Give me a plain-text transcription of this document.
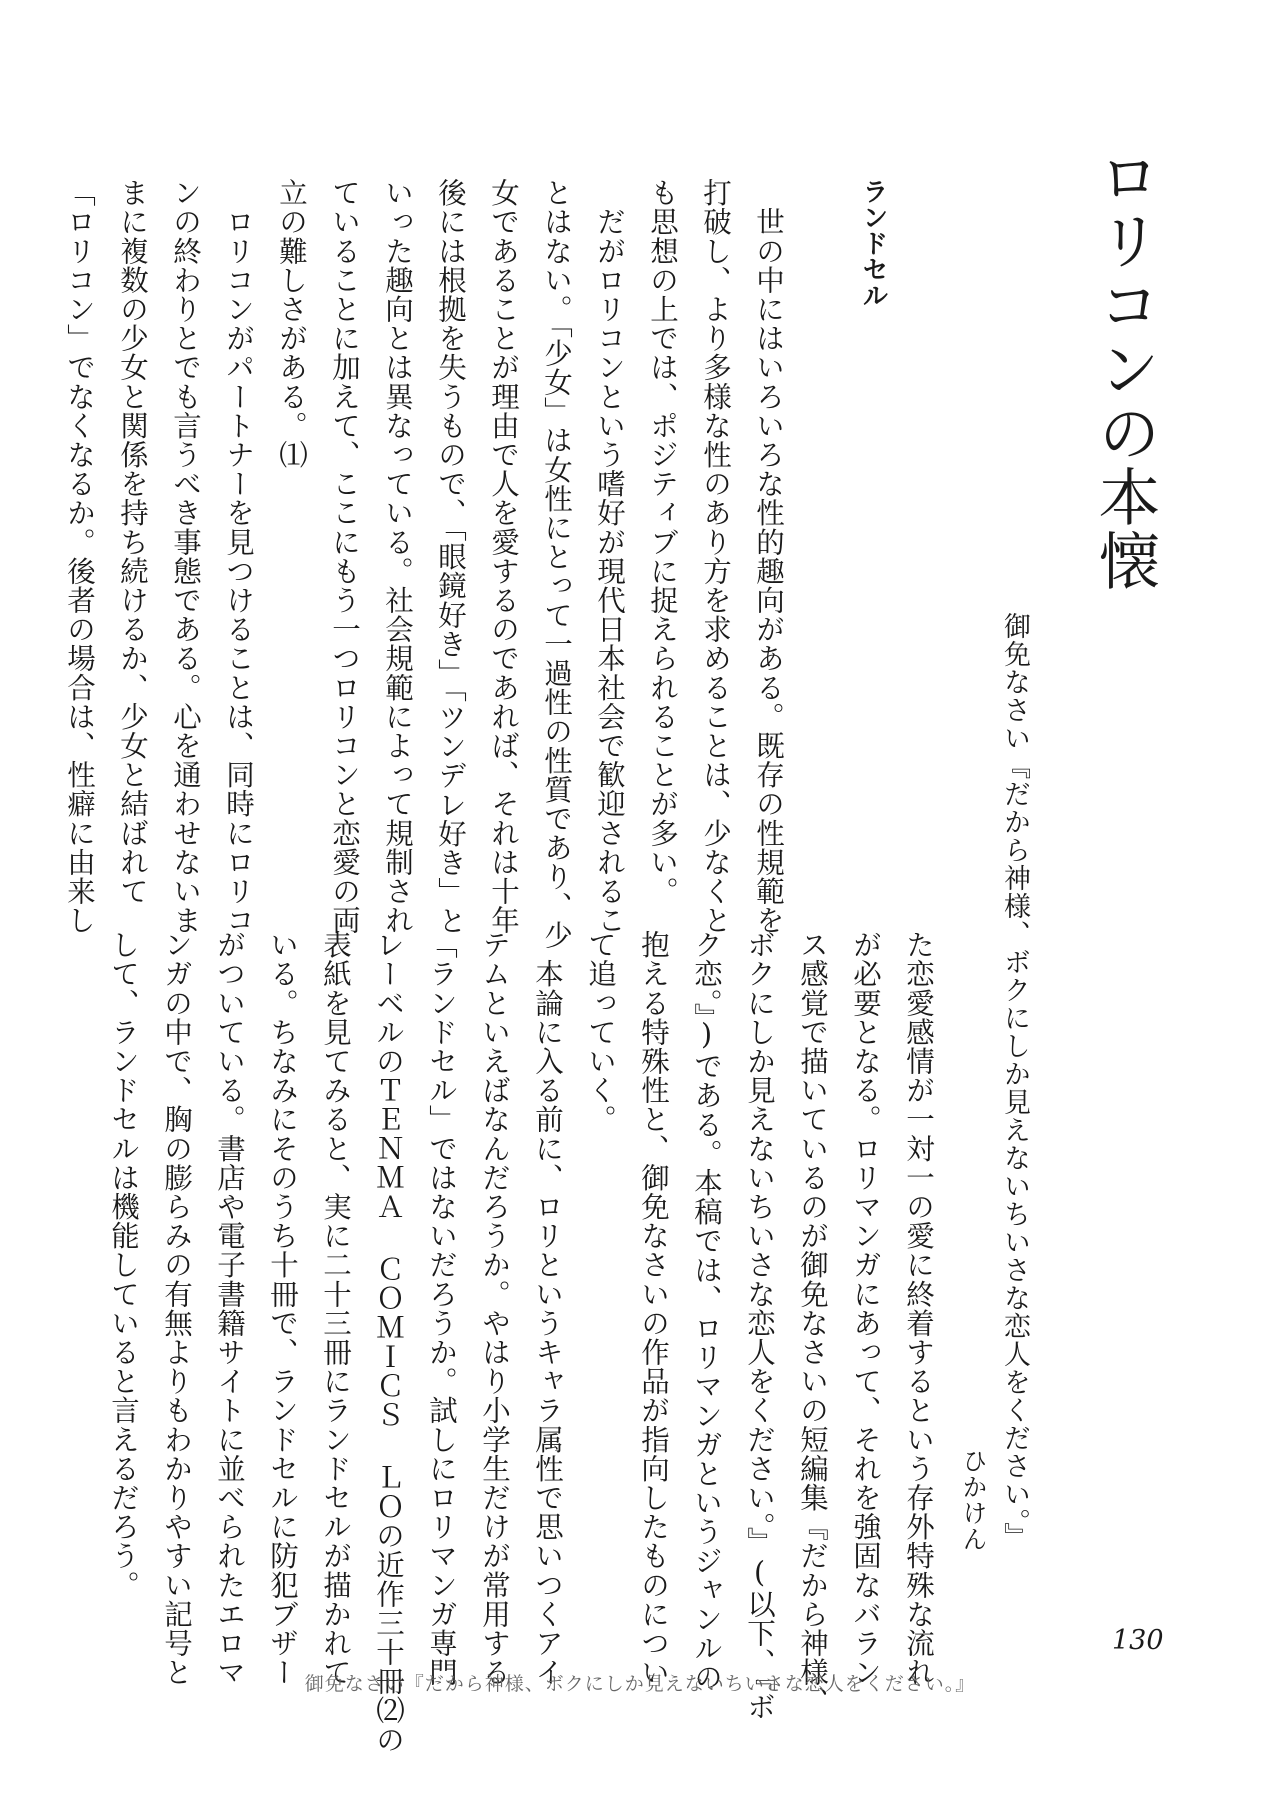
ロリコンの本懐
御免なさい『だから神様、ボクにしか見えないちいさな恋人をください。』
ひかけん
ランドセル
　世の中にはいろいろな性的趣向がある。既存の性規範を
打破し、より多様な性のあり方を求めることは、少なくと
も思想の上では、ポジティブに捉えられることが多い。
　だがロリコンという嗜好が現代日本社会で歓迎されるこ
とはない。「少女」は女性にとって一過性の性質であり、少
女であることが理由で人を愛するのであれば、それは十年
後には根拠を失うもので、「眼鏡好き」「ツンデレ好き」と
いった趣向とは異なっている。社会規範によって規制され
ていることに加えて、ここにもう一つロリコンと恋愛の両
立の難しさがある。⑴
　ロリコンがパートナーを見つけることは、同時にロリコ
ンの終わりとでも言うべき事態である。心を通わせないま
まに複数の少女と関係を持ち続けるか、少女と結ばれて
「ロリコン」でなくなるか。後者の場合は、性癖に由来し
た恋愛感情が一対一の愛に終着するという存外特殊な流れ
が必要となる。ロリマンガにあって、それを強固なバラン
ス感覚で描いているのが御免なさいの短編集『だから神様、
ボクにしか見えないちいさな恋人をください。』(以下、『ボ
ク恋。』)である。本稿では、ロリマンガというジャンルの
抱える特殊性と、御免なさいの作品が指向したものについ
て追っていく。
　本論に入る前に、ロリというキャラ属性で思いつくアイ
テムといえばなんだろうか。やはり小学生だけが常用する
「ランドセル」ではないだろうか。試しにロリマンガ専門
レーベルのＴＥＮＭＡ ＣＯＭＩＣＳ ＬＯの近作三十冊⑵の
表紙を見てみると、実に二十三冊にランドセルが描かれて
いる。ちなみにそのうち十冊で、ランドセルに防犯ブザー
がついている。書店や電子書籍サイトに並べられたエロマ
ンガの中で、胸の膨らみの有無よりもわかりやすい記号と
して、ランドセルは機能していると言えるだろう。
130
御免なさい『だから神様、ボクにしか見えないちいさな恋人をください。』
